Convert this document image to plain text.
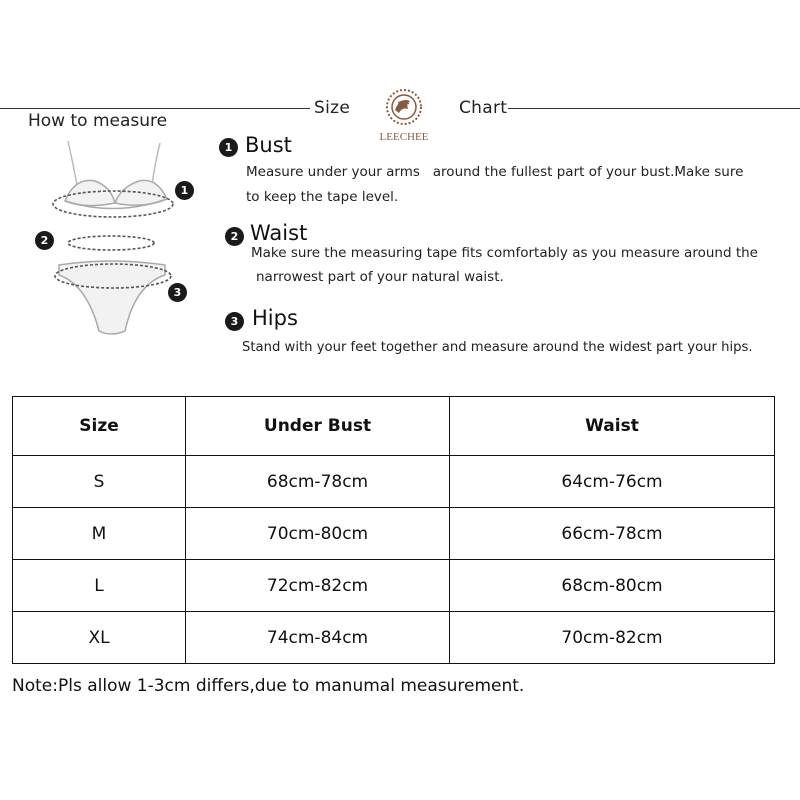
Size	Chart
LEECHEE
How to measure
1
2
3
1 Bust
Measure under your arms   around the fullest part of your bust.Make sure
to keep the tape level.
2 Waist
Make sure the measuring tape fits comfortably as you measure around the
narrowest part of your natural waist.
3 Hips
Stand with your feet together and measure around the widest part your hips.
Size	Under Bust	Waist
S	68cm-78cm	64cm-76cm
M	70cm-80cm	66cm-78cm
L	72cm-82cm	68cm-80cm
XL	74cm-84cm	70cm-82cm
Note:Pls allow 1-3cm differs,due to manumal measurement.
